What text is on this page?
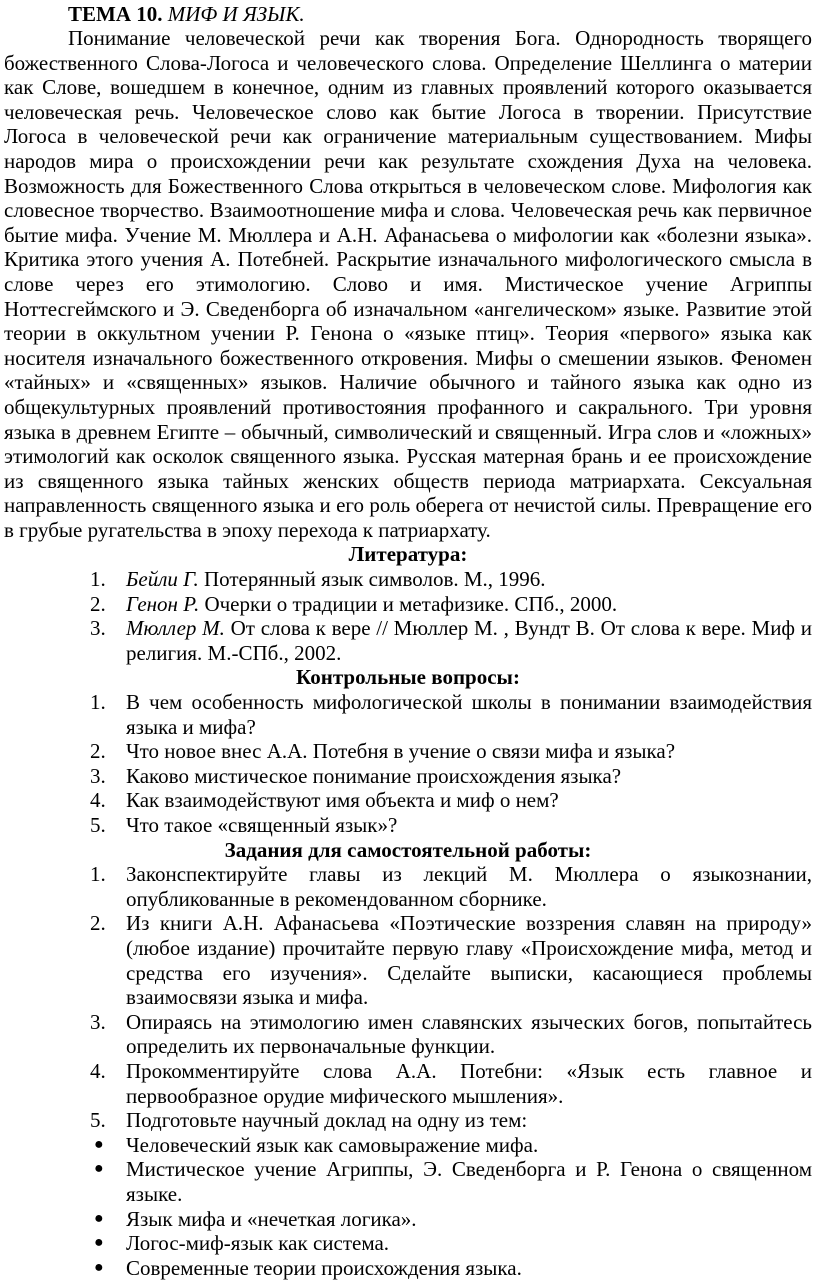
ТЕМА 10. МИФ И ЯЗЫК.

Понимание человеческой речи как творения Бога. Однородность творящего божественного Слова-Логоса и человеческого слова. Определение Шеллинга о материи как Слове, вошедшем в конечное, одним из главных проявлений которого оказывается человеческая речь. Человеческое слово как бытие Логоса в творении. Присутствие Логоса в человеческой речи как ограничение материальным существованием. Мифы народов мира о происхождении речи как результате схождения Духа на человека. Возможность для Божественного Слова открыться в человеческом слове. Мифология как словесное творчество. Взаимоотношение мифа и слова. Человеческая речь как первичное бытие мифа. Учение М. Мюллера и А.Н. Афанасьева о мифологии как «болезни языка». Критика этого учения А. Потебней. Раскрытие изначального мифологического смысла в слове через его этимологию. Слово и имя. Мистическое учение Агриппы Ноттесгеймского и Э. Сведенборга об изначальном «ангелическом» языке. Развитие этой теории в оккультном учении Р. Генона о «языке птиц». Теория «первого» языка как носителя изначального божественного откровения. Мифы о смешении языков. Феномен «тайных» и «священных» языков. Наличие обычного и тайного языка как одно из общекультурных проявлений противостояния профанного и сакрального. Три уровня языка в древнем Египте – обычный, символический и священный. Игра слов и «ложных» этимологий как осколок священного языка. Русская матерная брань и ее происхождение из священного языка тайных женских обществ периода матриархата. Сексуальная направленность священного языка и его роль оберега от нечистой силы. Превращение его в грубые ругательства в эпоху перехода к патриархату.

Литература:

1. Бейли Г. Потерянный язык символов. М., 1996.
2. Генон Р. Очерки о традиции и метафизике. СПб., 2000.
3. Мюллер М. От слова к вере // Мюллер М. , Вундт В. От слова к вере. Миф и религия. М.-СПб., 2002.

Контрольные вопросы:

1. В чем особенность мифологической школы в понимании взаимодействия языка и мифа?
2. Что новое внес А.А. Потебня в учение о связи мифа и языка?
3. Каково мистическое понимание происхождения языка?
4. Как взаимодействуют имя объекта и миф о нем?
5. Что такое «священный язык»?

Задания для самостоятельной работы:

1. Законспектируйте главы из лекций М. Мюллера о языкознании, опубликованные в рекомендованном сборнике.
2. Из книги А.Н. Афанасьева «Поэтические воззрения славян на природу» (любое издание) прочитайте первую главу «Происхождение мифа, метод и средства его изучения». Сделайте выписки, касающиеся проблемы взаимосвязи языка и мифа.
3. Опираясь на этимологию имен славянских языческих богов, попытайтесь определить их первоначальные функции.
4. Прокомментируйте слова А.А. Потебни: «Язык есть главное и первообразное орудие мифического мышления».
5. Подготовьте научный доклад на одну из тем:
● Человеческий язык как самовыражение мифа.
● Мистическое учение Агриппы, Э. Сведенборга и Р. Генона о священном языке.
● Язык мифа и «нечеткая логика».
● Логос-миф-язык как система.
● Современные теории происхождения языка.
